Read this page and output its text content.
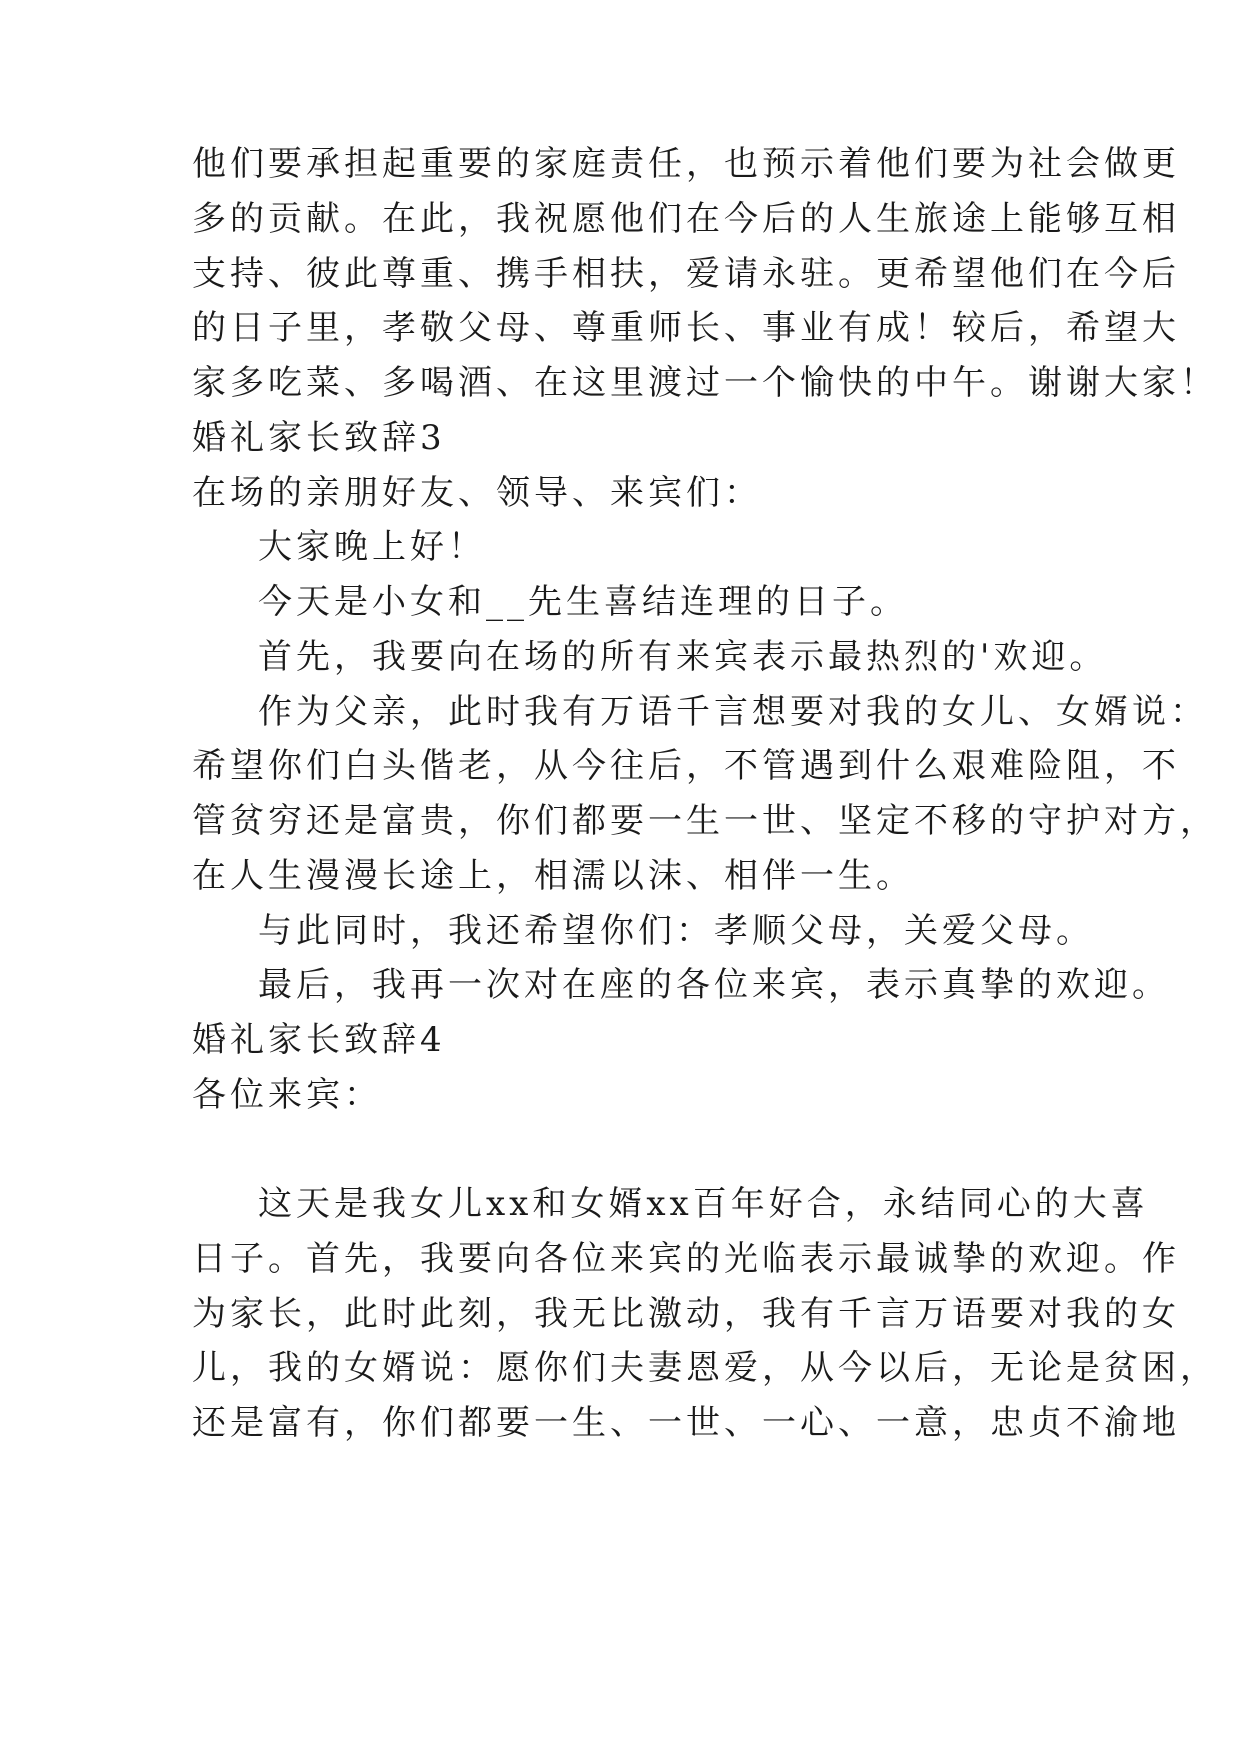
他们要承担起重要的家庭责任，也预示着他们要为社会做更
多的贡献。在此，我祝愿他们在今后的人生旅途上能够互相
支持、彼此尊重、携手相扶，爱请永驻。更希望他们在今后
的日子里，孝敬父母、尊重师长、事业有成！较后，希望大
家多吃菜、多喝酒、在这里渡过一个愉快的中午。谢谢大家！
婚礼家长致辞3
在场的亲朋好友、领导、来宾们：
大家晚上好！
今天是小女和__先生喜结连理的日子。
首先，我要向在场的所有来宾表示最热烈的'欢迎。
作为父亲，此时我有万语千言想要对我的女儿、女婿说：
希望你们白头偕老，从今往后，不管遇到什么艰难险阻，不
管贫穷还是富贵，你们都要一生一世、坚定不移的守护对方，
在人生漫漫长途上，相濡以沫、相伴一生。
与此同时，我还希望你们：孝顺父母，关爱父母。
最后，我再一次对在座的各位来宾，表示真挚的欢迎。
婚礼家长致辞4
各位来宾：
这天是我女儿xx和女婿xx百年好合，永结同心的大喜
日子。首先，我要向各位来宾的光临表示最诚挚的欢迎。作
为家长，此时此刻，我无比激动，我有千言万语要对我的女
儿，我的女婿说：愿你们夫妻恩爱，从今以后，无论是贫困，
还是富有，你们都要一生、一世、一心、一意，忠贞不渝地
